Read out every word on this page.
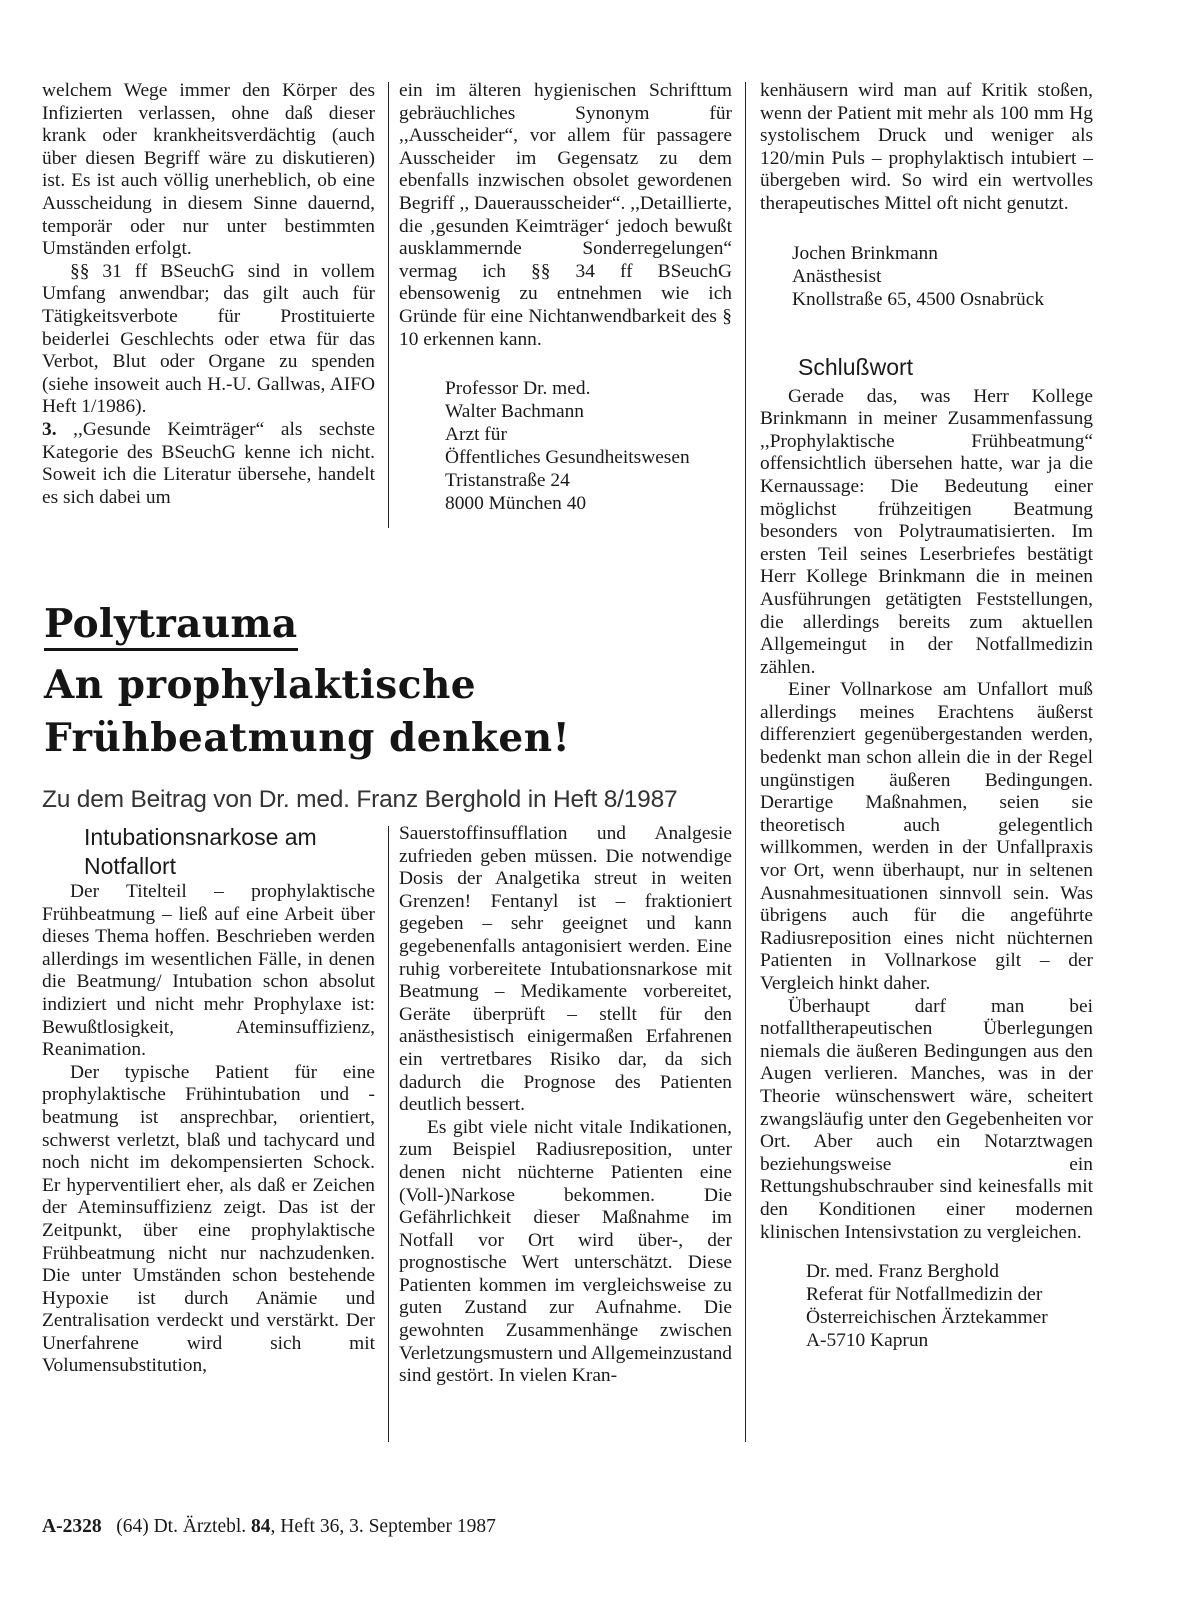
welchem Wege immer den Körper des Infizierten verlassen, ohne daß dieser krank oder krankheitsverdächtig (auch über diesen Begriff wäre zu diskutieren) ist. Es ist auch völlig unerheblich, ob eine Ausscheidung in diesem Sinne dauernd, temporär oder nur unter bestimmten Umständen erfolgt.

§§ 31 ff BSeuchG sind in vollem Umfang anwendbar; das gilt auch für Tätigkeitsverbote für Prostituierte beiderlei Geschlechts oder etwa für das Verbot, Blut oder Organe zu spenden (siehe insoweit auch H.-U. Gallwas, AIFO Heft 1/1986).

3. ,,Gesunde Keimträger“ als sechste Kategorie des BSeuchG kenne ich nicht. Soweit ich die Literatur übersehe, handelt es sich dabei um

ein im älteren hygienischen Schrifttum gebräuchliches Synonym für ,,Ausscheider“, vor allem für passagere Ausscheider im Gegensatz zu dem ebenfalls inzwischen obsolet gewordenen Begriff ,, Dauerausscheider“. ,,Detaillierte, die ‚gesunden Keimträger‘ jedoch bewußt ausklammernde Sonderregelungen“ vermag ich §§ 34 ff BSeuchG ebensowenig zu entnehmen wie ich Gründe für eine Nichtanwendbarkeit des § 10 erkennen kann.

Professor Dr. med.
Walter Bachmann
Arzt für
Öffentliches Gesundheitswesen
Tristanstraße 24
8000 München 40

kenhäusern wird man auf Kritik stoßen, wenn der Patient mit mehr als 100 mm Hg systolischem Druck und weniger als 120/min Puls – prophylaktisch intubiert – übergeben wird. So wird ein wertvolles therapeutisches Mittel oft nicht genutzt.

Jochen Brinkmann
Anästhesist
Knollstraße 65, 4500 Osnabrück

Schlußwort

Gerade das, was Herr Kollege Brinkmann in meiner Zusammenfassung ,,Prophylaktische Frühbeatmung“ offensichtlich übersehen hatte, war ja die Kernaussage: Die Bedeutung einer möglichst frühzeitigen Beatmung besonders von Polytraumatisierten. Im ersten Teil seines Leserbriefes bestätigt Herr Kollege Brinkmann die in meinen Ausführungen getätigten Feststellungen, die allerdings bereits zum aktuellen Allgemeingut in der Notfallmedizin zählen.

Einer Vollnarkose am Unfallort muß allerdings meines Erachtens äußerst differenziert gegenübergestanden werden, bedenkt man schon allein die in der Regel ungünstigen äußeren Bedingungen. Derartige Maßnahmen, seien sie theoretisch auch gelegentlich willkommen, werden in der Unfallpraxis vor Ort, wenn überhaupt, nur in seltenen Ausnahmesituationen sinnvoll sein. Was übrigens auch für die angeführte Radiusreposition eines nicht nüchternen Patienten in Vollnarkose gilt – der Vergleich hinkt daher.

Überhaupt darf man bei notfalltherapeutischen Überlegungen niemals die äußeren Bedingungen aus den Augen verlieren. Manches, was in der Theorie wünschenswert wäre, scheitert zwangsläufig unter den Gegebenheiten vor Ort. Aber auch ein Notarztwagen beziehungsweise ein Rettungshubschrauber sind keinesfalls mit den Konditionen einer modernen klinischen Intensivstation zu vergleichen.

Dr. med. Franz Berghold
Referat für Notfallmedizin der
Österreichischen Ärztekammer
A-5710 Kaprun

Polytrauma
An prophylaktische
Frühbeatmung denken!
Zu dem Beitrag von Dr. med. Franz Berghold in Heft 8/1987

Intubationsnarkose am Notfallort

Der Titelteil – prophylaktische Frühbeatmung – ließ auf eine Arbeit über dieses Thema hoffen. Beschrieben werden allerdings im wesentlichen Fälle, in denen die Beatmung/ Intubation schon absolut indiziert und nicht mehr Prophylaxe ist: Bewußtlosigkeit, Ateminsuffizienz, Reanimation.

Der typische Patient für eine prophylaktische Frühintubation und -beatmung ist ansprechbar, orientiert, schwerst verletzt, blaß und tachycard und noch nicht im dekompensierten Schock. Er hyperventiliert eher, als daß er Zeichen der Ateminsuffizienz zeigt. Das ist der Zeitpunkt, über eine prophylaktische Frühbeatmung nicht nur nachzudenken. Die unter Umständen schon bestehende Hypoxie ist durch Anämie und Zentralisation verdeckt und verstärkt. Der Unerfahrene wird sich mit Volumensubstitution,

Sauerstoffinsufflation und Analgesie zufrieden geben müssen. Die notwendige Dosis der Analgetika streut in weiten Grenzen! Fentanyl ist – fraktioniert gegeben – sehr geeignet und kann gegebenenfalls antagonisiert werden. Eine ruhig vorbereitete Intubationsnarkose mit Beatmung – Medikamente vorbereitet, Geräte überprüft – stellt für den anästhesistisch einigermaßen Erfahrenen ein vertretbares Risiko dar, da sich dadurch die Prognose des Patienten deutlich bessert.

Es gibt viele nicht vitale Indikationen, zum Beispiel Radiusreposition, unter denen nicht nüchterne Patienten eine (Voll-)Narkose bekommen. Die Gefährlichkeit dieser Maßnahme im Notfall vor Ort wird über-, der prognostische Wert unterschätzt. Diese Patienten kommen im vergleichsweise zu guten Zustand zur Aufnahme. Die gewohnten Zusammenhänge zwischen Verletzungsmustern und Allgemeinzustand sind gestört. In vielen Kran-

A-2328 (64) Dt. Ärztebl. 84, Heft 36, 3. September 1987
